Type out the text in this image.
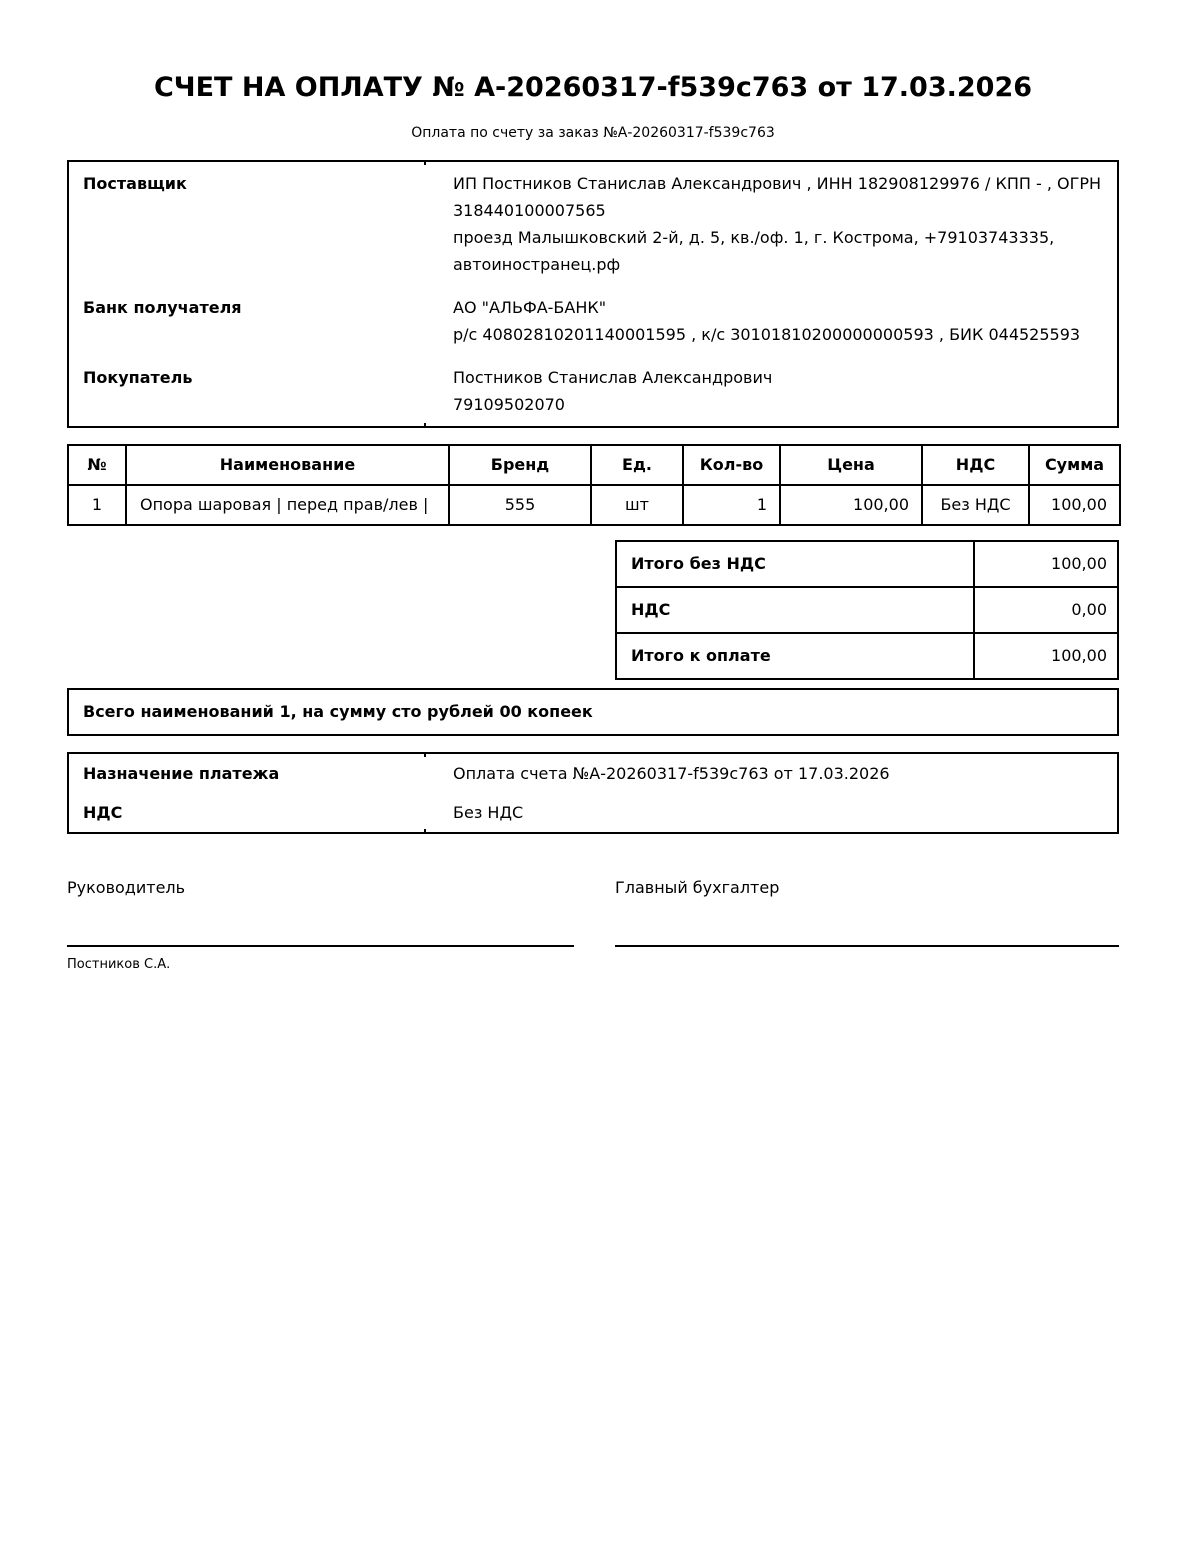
СЧЕТ НА ОПЛАТУ № А-20260317-f539c763 от 17.03.2026
Оплата по счету за заказ №А-20260317-f539c763
Поставщик	ИП Постников Станислав Александрович , ИНН 182908129976 / КПП - , ОГРН
318440100007565
проезд Малышковский 2-й, д. 5, кв./оф. 1, г. Кострома, +79103743335,
автоиностранец.рф

Банк получателя	АО "АЛЬФА-БАНК"
р/с 40802810201140001595 , к/с 30101810200000000593 , БИК 044525593

Покупатель	Постников Станислав Александрович
79109502070
№	Наименование	Бренд	Ед.	Кол-во	Цена	НДС	Сумма
1	Опора шаровая | перед прав/лев |	555	шт	1	100,00	Без НДС	100,00
Итого без НДС	100,00
НДС	0,00
Итого к оплате	100,00
Всего наименований 1, на сумму сто рублей 00 копеек
Назначение платежа	Оплата счета №А-20260317-f539c763 от 17.03.2026

НДС	Без НДС
Руководитель
Постников С.А.
Главный бухгалтер
